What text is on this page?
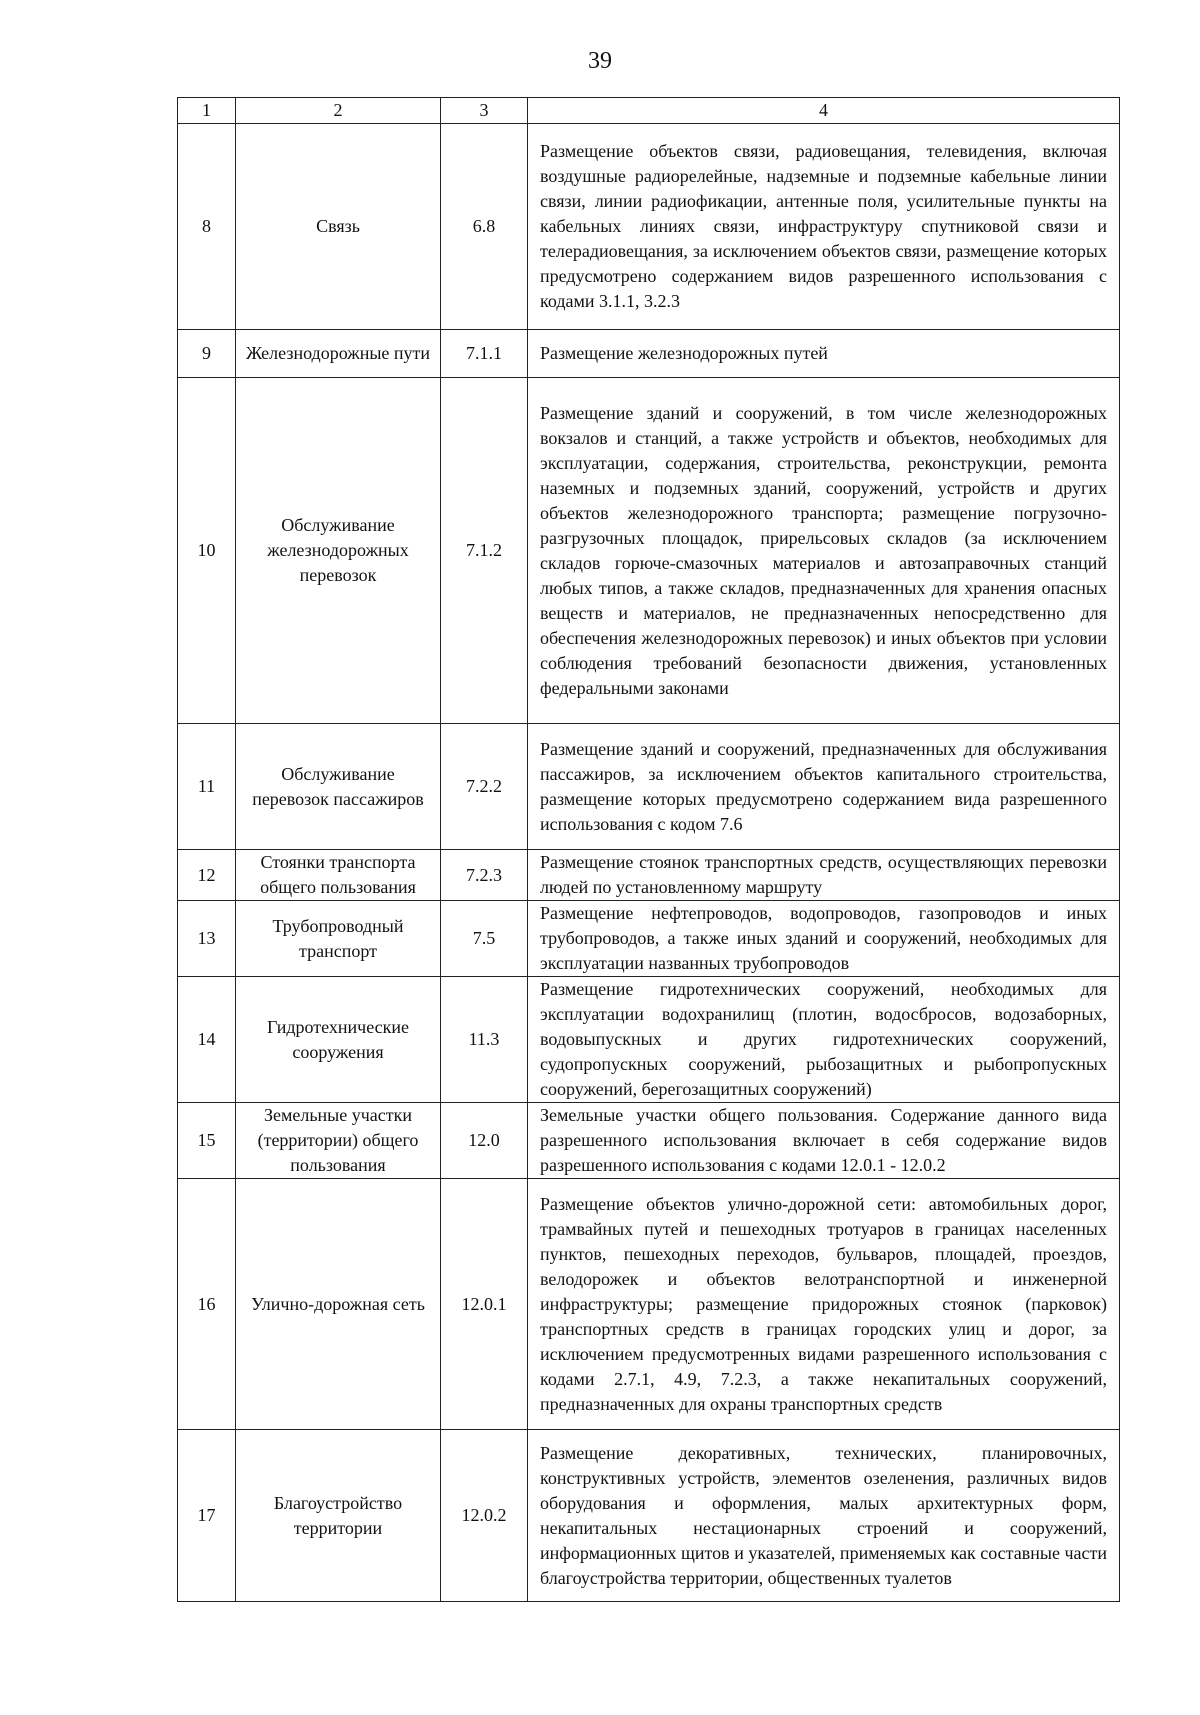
39
1	2	3	4
8	Связь	6.8	Размещение объектов связи, радиовещания, телевидения, включая воздушные радиорелейные, надземные и подземные кабельные линии связи, линии радиофикации, антенные поля, усилительные пункты на кабельных линиях связи, инфраструктуру спутниковой связи и телерадиовещания, за исключением объектов связи, размещение которых предусмотрено содержанием видов разрешенного использования с кодами 3.1.1, 3.2.3
9	Железнодорожные пути	7.1.1	Размещение железнодорожных путей
10	Обслуживание железнодорожных перевозок	7.1.2	Размещение зданий и сооружений, в том числе железнодорожных вокзалов и станций, а также устройств и объектов, необходимых для эксплуатации, содержания, строительства, реконструкции, ремонта наземных и подземных зданий, сооружений, устройств и других объектов железнодорожного транспорта; размещение погрузочно-разгрузочных площадок, прирельсовых складов (за исключением складов горюче-смазочных материалов и автозаправочных станций любых типов, а также складов, предназначенных для хранения опасных веществ и материалов, не предназначенных непосредственно для обеспечения железнодорожных перевозок) и иных объектов при условии соблюдения требований безопасности движения, установленных федеральными законами
11	Обслуживание перевозок пассажиров	7.2.2	Размещение зданий и сооружений, предназначенных для обслуживания пассажиров, за исключением объектов капитального строительства, размещение которых предусмотрено содержанием вида разрешенного использования с кодом 7.6
12	Стоянки транспорта общего пользования	7.2.3	Размещение стоянок транспортных средств, осуществляющих перевозки людей по установленному маршруту
13	Трубопроводный транспорт	7.5	Размещение нефтепроводов, водопроводов, газопроводов и иных трубопроводов, а также иных зданий и сооружений, необходимых для эксплуатации названных трубопроводов
14	Гидротехнические сооружения	11.3	Размещение гидротехнических сооружений, необходимых для эксплуатации водохранилищ (плотин, водосбросов, водозаборных, водовыпускных и других гидротехнических сооружений, судопропускных сооружений, рыбозащитных и рыбопропускных сооружений, берегозащитных сооружений)
15	Земельные участки (территории) общего пользования	12.0	Земельные участки общего пользования. Содержание данного вида разрешенного использования включает в себя содержание видов разрешенного использования с кодами 12.0.1 - 12.0.2
16	Улично-дорожная сеть	12.0.1	Размещение объектов улично-дорожной сети: автомобильных дорог, трамвайных путей и пешеходных тротуаров в границах населенных пунктов, пешеходных переходов, бульваров, площадей, проездов, велодорожек и объектов велотранспортной и инженерной инфраструктуры; размещение придорожных стоянок (парковок) транспортных средств в границах городских улиц и дорог, за исключением предусмотренных видами разрешенного использования с кодами 2.7.1, 4.9, 7.2.3, а также некапитальных сооружений, предназначенных для охраны транспортных средств
17	Благоустройство территории	12.0.2	Размещение декоративных, технических, планировочных, конструктивных устройств, элементов озеленения, различных видов оборудования и оформления, малых архитектурных форм, некапитальных нестационарных строений и сооружений, информационных щитов и указателей, применяемых как составные части благоустройства территории, общественных туалетов
